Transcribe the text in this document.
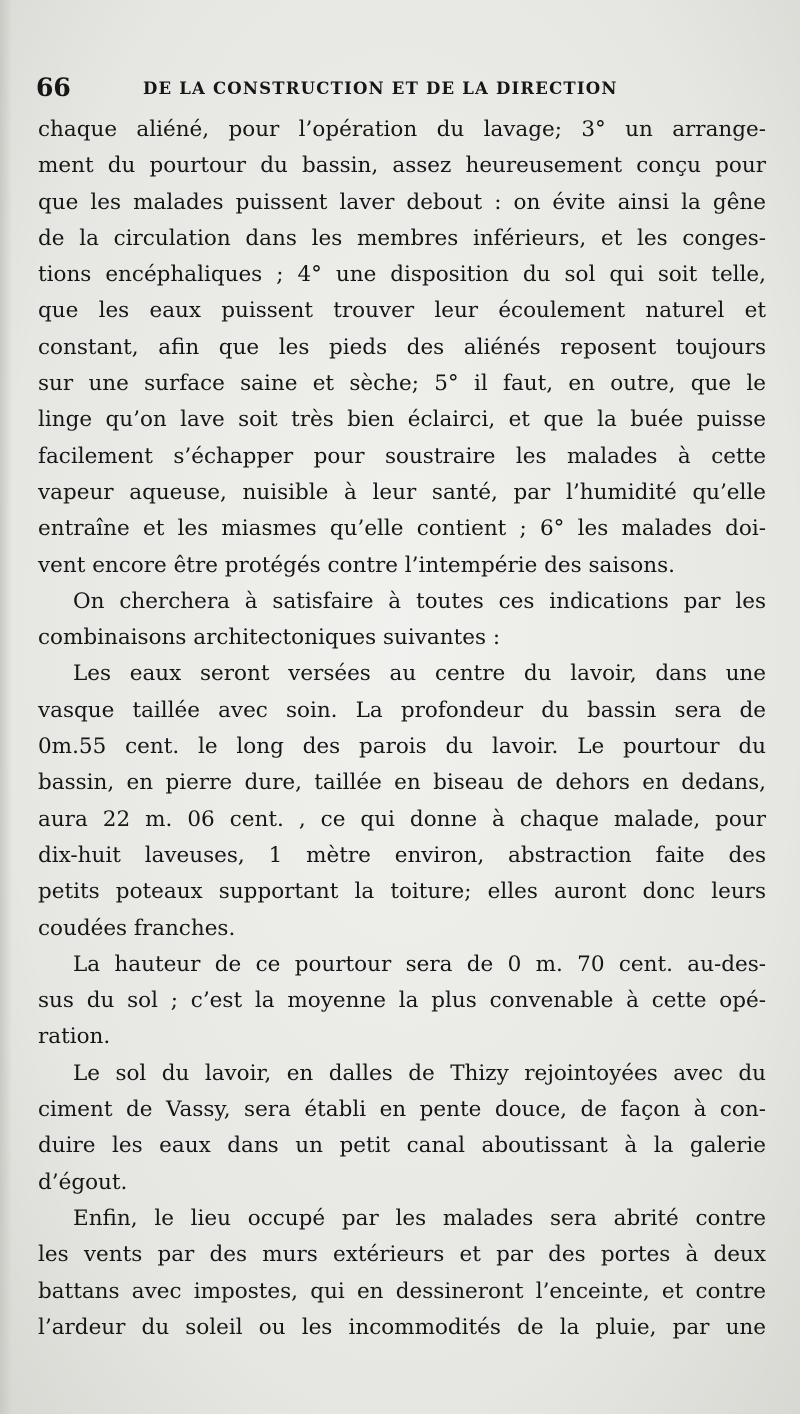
66	DE LA CONSTRUCTION ET DE LA DIRECTION
chaque aliéné, pour l’opération du lavage; 3° un arrange-
ment du pourtour du bassin, assez heureusement conçu pour
que les malades puissent laver debout : on évite ainsi la gêne
de la circulation dans les membres inférieurs, et les conges-
tions encéphaliques ; 4° une disposition du sol qui soit telle,
que les eaux puissent trouver leur écoulement naturel et
constant, afin que les pieds des aliénés reposent toujours
sur une surface saine et sèche; 5° il faut, en outre, que le
linge qu’on lave soit très bien éclairci, et que la buée puisse
facilement s’échapper pour soustraire les malades à cette
vapeur aqueuse, nuisible à leur santé, par l’humidité qu’elle
entraîne et les miasmes qu’elle contient ; 6° les malades doi-
vent encore être protégés contre l’intempérie des saisons.
On cherchera à satisfaire à toutes ces indications par les
combinaisons architectoniques suivantes :
Les eaux seront versées au centre du lavoir, dans une
vasque taillée avec soin. La profondeur du bassin sera de
0m.55 cent. le long des parois du lavoir. Le pourtour du
bassin, en pierre dure, taillée en biseau de dehors en dedans,
aura 22 m. 06 cent. , ce qui donne à chaque malade, pour
dix-huit laveuses, 1 mètre environ, abstraction faite des
petits poteaux supportant la toiture; elles auront donc leurs
coudées franches.
La hauteur de ce pourtour sera de 0 m. 70 cent. au-des-
sus du sol ; c’est la moyenne la plus convenable à cette opé-
ration.
Le sol du lavoir, en dalles de Thizy rejointoyées avec du
ciment de Vassy, sera établi en pente douce, de façon à con-
duire les eaux dans un petit canal aboutissant à la galerie
d’égout.
Enfin, le lieu occupé par les malades sera abrité contre
les vents par des murs extérieurs et par des portes à deux
battans avec impostes, qui en dessineront l’enceinte, et contre
l’ardeur du soleil ou les incommodités de la pluie, par une
